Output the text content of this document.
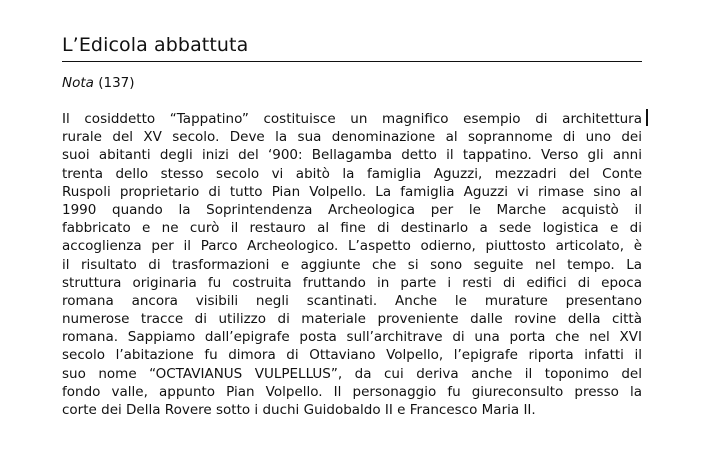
L’Edicola abbattuta
Nota (137)
Il cosiddetto “Tappatino” costituisce un magnifico esempio di architettura
rurale del XV secolo. Deve la sua denominazione al soprannome di uno dei
suoi abitanti degli inizi del ‘900: Bellagamba detto il tappatino. Verso gli anni
trenta dello stesso secolo vi abitò la famiglia Aguzzi, mezzadri del Conte
Ruspoli proprietario di tutto Pian Volpello. La famiglia Aguzzi vi rimase sino al
1990 quando la Soprintendenza Archeologica per le Marche acquistò il
fabbricato e ne curò il restauro al fine di destinarlo a sede logistica e di
accoglienza per il Parco Archeologico. L’aspetto odierno, piuttosto articolato, è
il risultato di trasformazioni e aggiunte che si sono seguite nel tempo. La
struttura originaria fu costruita fruttando in parte i resti di edifici di epoca
romana ancora visibili negli scantinati. Anche le murature presentano
numerose tracce di utilizzo di materiale proveniente dalle rovine della città
romana. Sappiamo dall’epigrafe posta sull’architrave di una porta che nel XVI
secolo l’abitazione fu dimora di Ottaviano Volpello, l’epigrafe riporta infatti il
suo nome “OCTAVIANUS VULPELLUS”, da cui deriva anche il toponimo del
fondo valle, appunto Pian Volpello. Il personaggio fu giureconsulto presso la
corte dei Della Rovere sotto i duchi Guidobaldo II e Francesco Maria II.
